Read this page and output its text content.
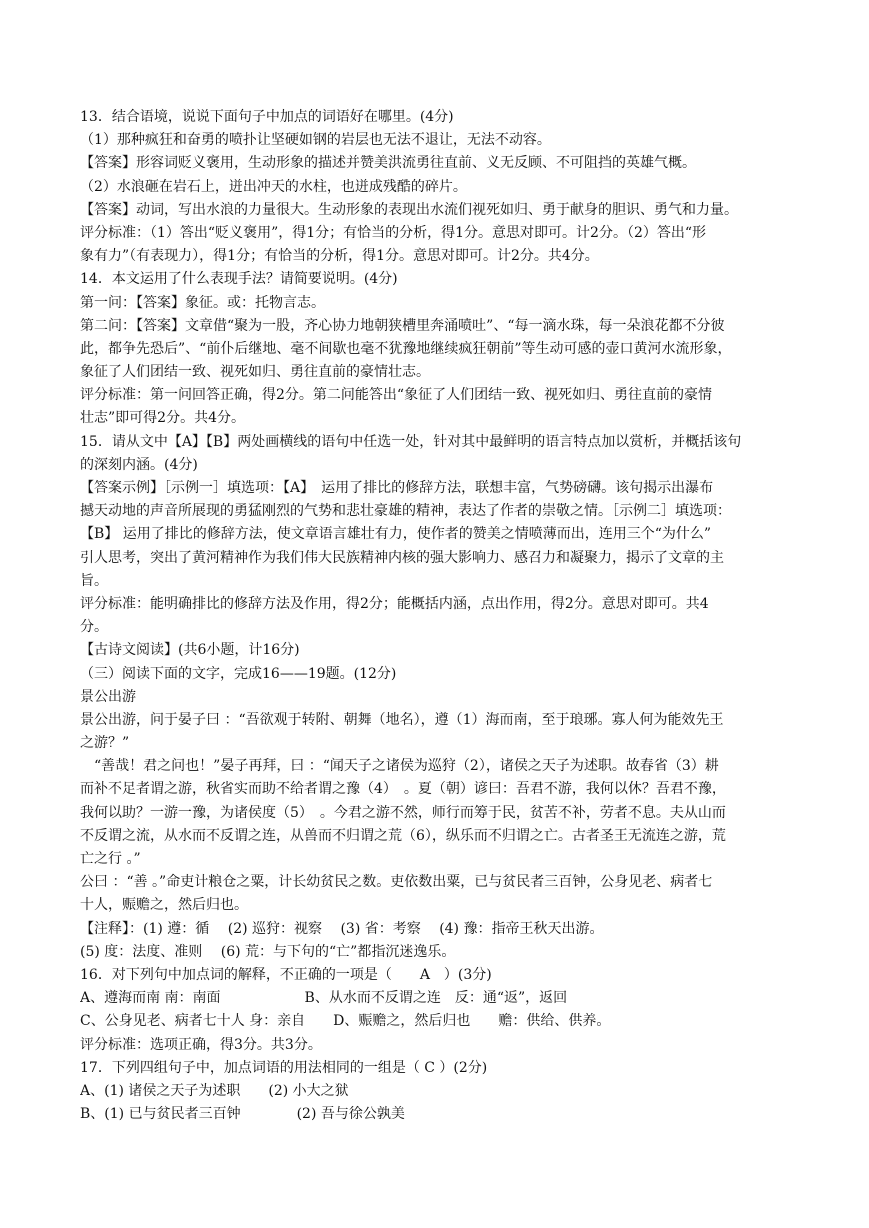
13．结合语境，说说下面句子中加点的词语好在哪里。(4分)
（1）那种疯狂和奋勇的喷扑让坚硬如钢的岩层也无法不退让，无法不动容。
【答案】形容词贬义褒用，生动形象的描述并赞美洪流勇往直前、义无反顾、不可阻挡的英雄气概。
（2）水浪砸在岩石上，迸出冲天的水柱，也迸成残酷的碎片。
【答案】动词，写出水浪的力量很大。生动形象的表现出水流们视死如归、勇于献身的胆识、勇气和力量。
评分标准：（1）答出“贬义褒用”，得1分；有恰当的分析，得1分。意思对即可。计2分。（2）答出“形
象有力”（有表现力），得1分；有恰当的分析，得1分。意思对即可。计2分。共4分。
14．本文运用了什么表现手法？请简要说明。(4分)
第一问：【答案】象征。或：托物言志。
第二问：【答案】文章借“聚为一股，齐心协力地朝狭槽里奔涌喷吐”、“每一滴水珠，每一朵浪花都不分彼
此，都争先恐后”、“前仆后继地、毫不间歇也毫不犹豫地继续疯狂朝前”等生动可感的壶口黄河水流形象，
象征了人们团结一致、视死如归、勇往直前的豪情壮志。
评分标准：第一问回答正确，得2分。第二问能答出“象征了人们团结一致、视死如归、勇往直前的豪情
壮志”即可得2分。共4分。
15．请从文中【A】【B】两处画横线的语句中任选一处，针对其中最鲜明的语言特点加以赏析，并概括该句
的深刻内涵。(4分)
【答案示例】［示例一］填选项：【A】　运用了排比的修辞方法，联想丰富，气势磅礴。该句揭示出瀑布
撼天动地的声音所展现的勇猛刚烈的气势和悲壮豪雄的精神，表达了作者的崇敬之情。［示例二］填选项：
【B】 运用了排比的修辞方法，使文章语言雄壮有力，使作者的赞美之情喷薄而出，连用三个“为什么”
引人思考，突出了黄河精神作为我们伟大民族精神内核的强大影响力、感召力和凝聚力，揭示了文章的主
旨。
评分标准：能明确排比的修辞方法及作用，得2分；能概括内涵，点出作用，得2分。意思对即可。共4
分。
【古诗文阅读】(共6小题，计16分)
（三）阅读下面的文字，完成16——19题。(12分)
景公出游
景公出游，问于晏子曰 ：“吾欲观于转附、朝舞（地名），遵（1）海而南，至于琅琊。寡人何为能效先王
之游？”
　“善哉！君之问也！”晏子再拜，曰 ：“闻天子之诸侯为巡狩（2），诸侯之天子为述职。故春省（3）耕
而补不足者谓之游，秋省实而助不给者谓之豫（4）　。夏（朝）谚曰：吾君不游，我何以休？吾君不豫，
我何以助？一游一豫，为诸侯度（5）　。今君之游不然，师行而筹于民，贫苦不补，劳者不息。夫从山而
不反谓之流，从水而不反谓之连，从兽而不归谓之荒（6），纵乐而不归谓之亡。古者圣王无流连之游，荒
亡之行 。”
公曰 ：“善 。”命吏计粮仓之粟，计长幼贫民之数。吏依数出粟，已与贫民者三百钟，公身见老、病者七
十人，赈赡之，然后归也。
【注释】：(1) 遵：循　 (2) 巡狩：视察　 (3) 省：考察　 (4) 豫：指帝王秋天出游。
(5) 度：法度、准则　 (6) 荒：与下句的“亡”都指沉迷逸乐。
16．对下列句中加点词的解释，不正确的一项是（　　A　）(3分)
A、遵海而南 南：南面　　　　　　B、从水而不反谓之连　反：通“返”，返回
C、公身见老、病者七十人 身：亲自　　D、赈赡之，然后归也　　赡：供给、供养。
评分标准：选项正确，得3分。共3分。
17．下列四组句子中，加点词语的用法相同的一组是（ C ）(2分)
A、(1) 诸侯之天子为述职　　(2) 小大之狱
B、(1) 已与贫民者三百钟　　　　(2) 吾与徐公孰美
